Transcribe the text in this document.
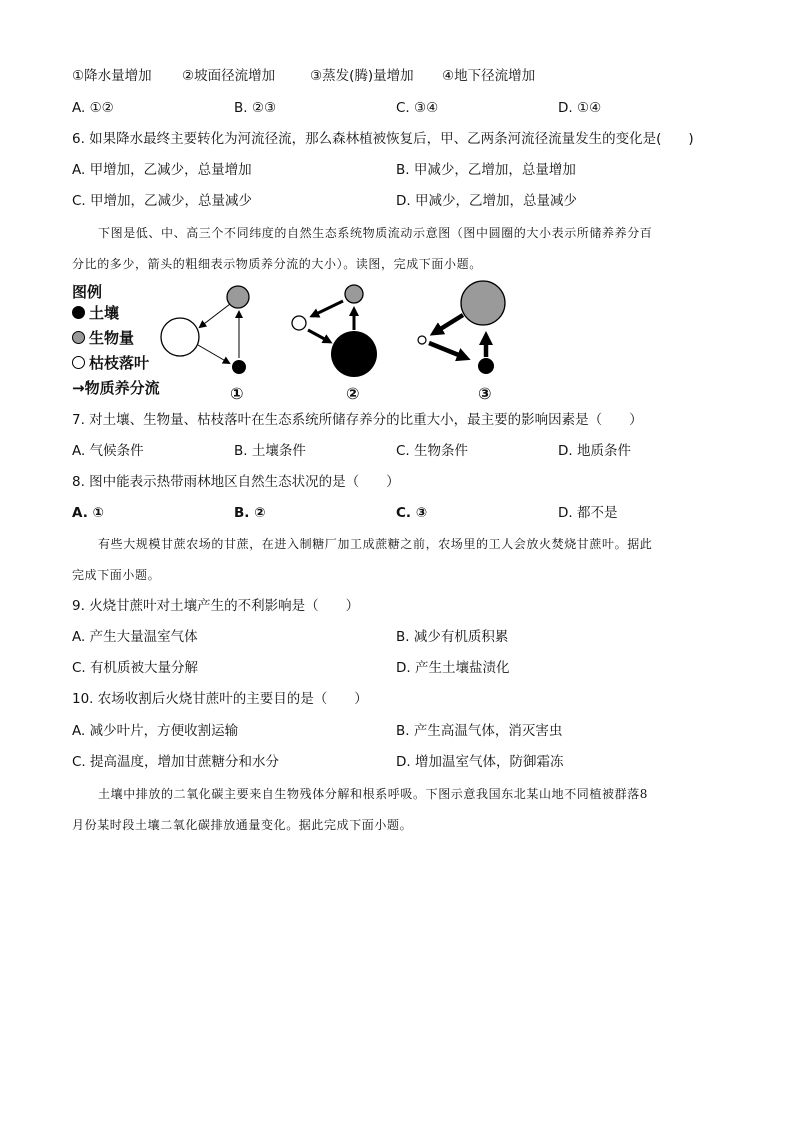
①降水量增加 ②坡面径流增加	③蒸发(腾)量增加 ④地下径流增加
A. ①②	B. ②③	C. ③④	D. ①④
6. 如果降水最终主要转化为河流径流，那么森林植被恢复后，甲、乙两条河流径流量发生的变化是(　　)
A. 甲增加，乙减少，总量增加	B. 甲减少，乙增加，总量增加
C. 甲增加，乙减少，总量减少	D. 甲减少，乙增加，总量减少
下图是低、中、高三个不同纬度的自然生态系统物质流动示意图（图中圆圈的大小表示所储养养分百
分比的多少，箭头的粗细表示物质养分流的大小）。读图，完成下面小题。
图例
土壤
生物量
枯枝落叶
→ 物质养分流	①	②	③
7. 对土壤、生物量、枯枝落叶在生态系统所储存养分的比重大小，最主要的影响因素是（　　）
A. 气候条件	B. 土壤条件	C. 生物条件	D. 地质条件
8. 图中能表示热带雨林地区自然生态状况的是（　　）
A. ①	B. ②	C. ③	D. 都不是
有些大规模甘蔗农场的甘蔗，在进入制糖厂加工成蔗糖之前，农场里的工人会放火焚烧甘蔗叶。据此
完成下面小题。
9. 火烧甘蔗叶对土壤产生的不利影响是（　　）
A. 产生大量温室气体	B. 减少有机质积累
C. 有机质被大量分解	D. 产生土壤盐渍化
10. 农场收割后火烧甘蔗叶的主要目的是（　　）
A. 减少叶片，方便收割运输	B. 产生高温气体，消灭害虫
C. 提高温度，增加甘蔗糖分和水分	D. 增加温室气体，防御霜冻
土壤中排放的二氧化碳主要来自生物残体分解和根系呼吸。下图示意我国东北某山地不同植被群落8
月份某时段土壤二氧化碳排放通量变化。据此完成下面小题。
